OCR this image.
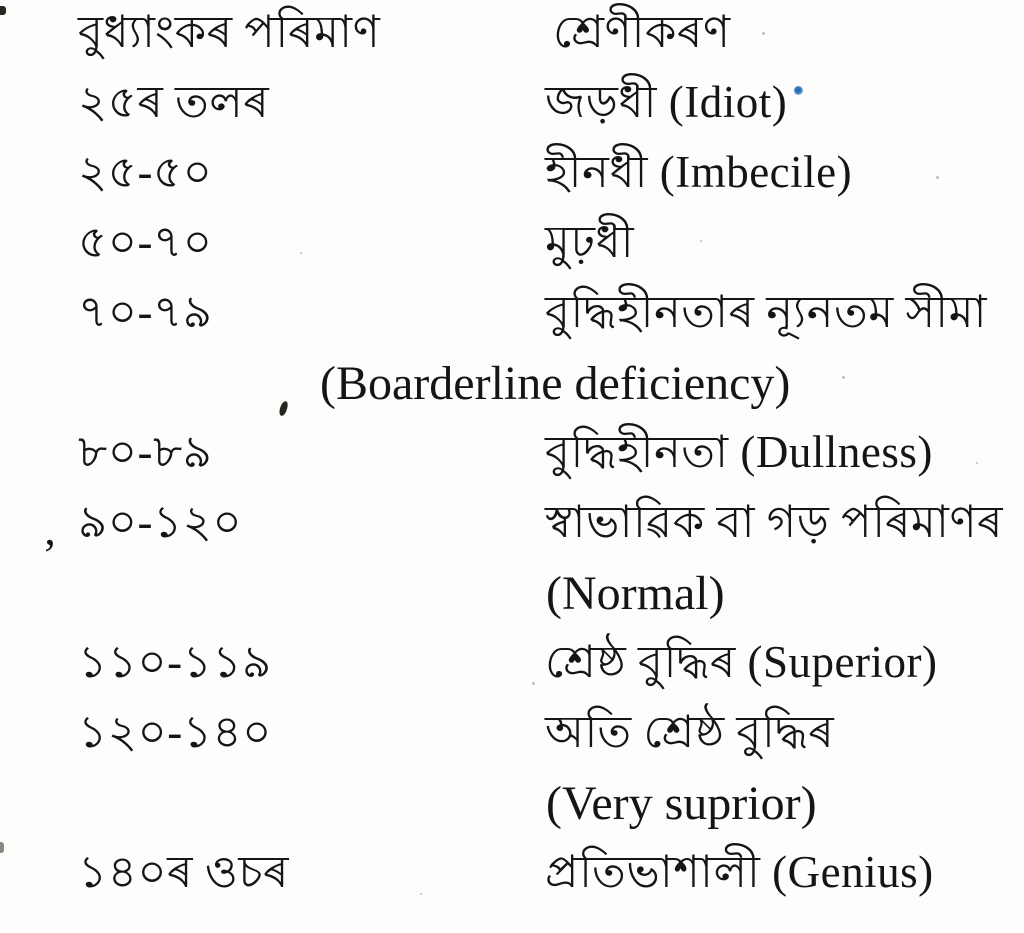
বুধ্যাংকৰ পৰিমাণ	শ্ৰেণীকৰণ
২৫ৰ তলৰ	জড়ধী (Idiot)
২৫-৫০	হীনধী (Imbecile)
৫০-৭০	মুঢ়ধী
৭০-৭৯	বুদ্ধিহীনতাৰ ন্যূনতম সীমা
(Boarderline deficiency)
৮০-৮৯	বুদ্ধিহীনতা (Dullness)
৯০-১২০	স্বাভাৱিক বা গড় পৰিমাণৰ
(Normal)
১১০-১১৯	শ্ৰেষ্ঠ বুদ্ধিৰ (Superior)
১২০-১৪০	অতি শ্ৰেষ্ঠ বুদ্ধিৰ
(Very suprior)
১৪০ৰ ওচৰ	প্ৰতিভাশালী (Genius)
’
